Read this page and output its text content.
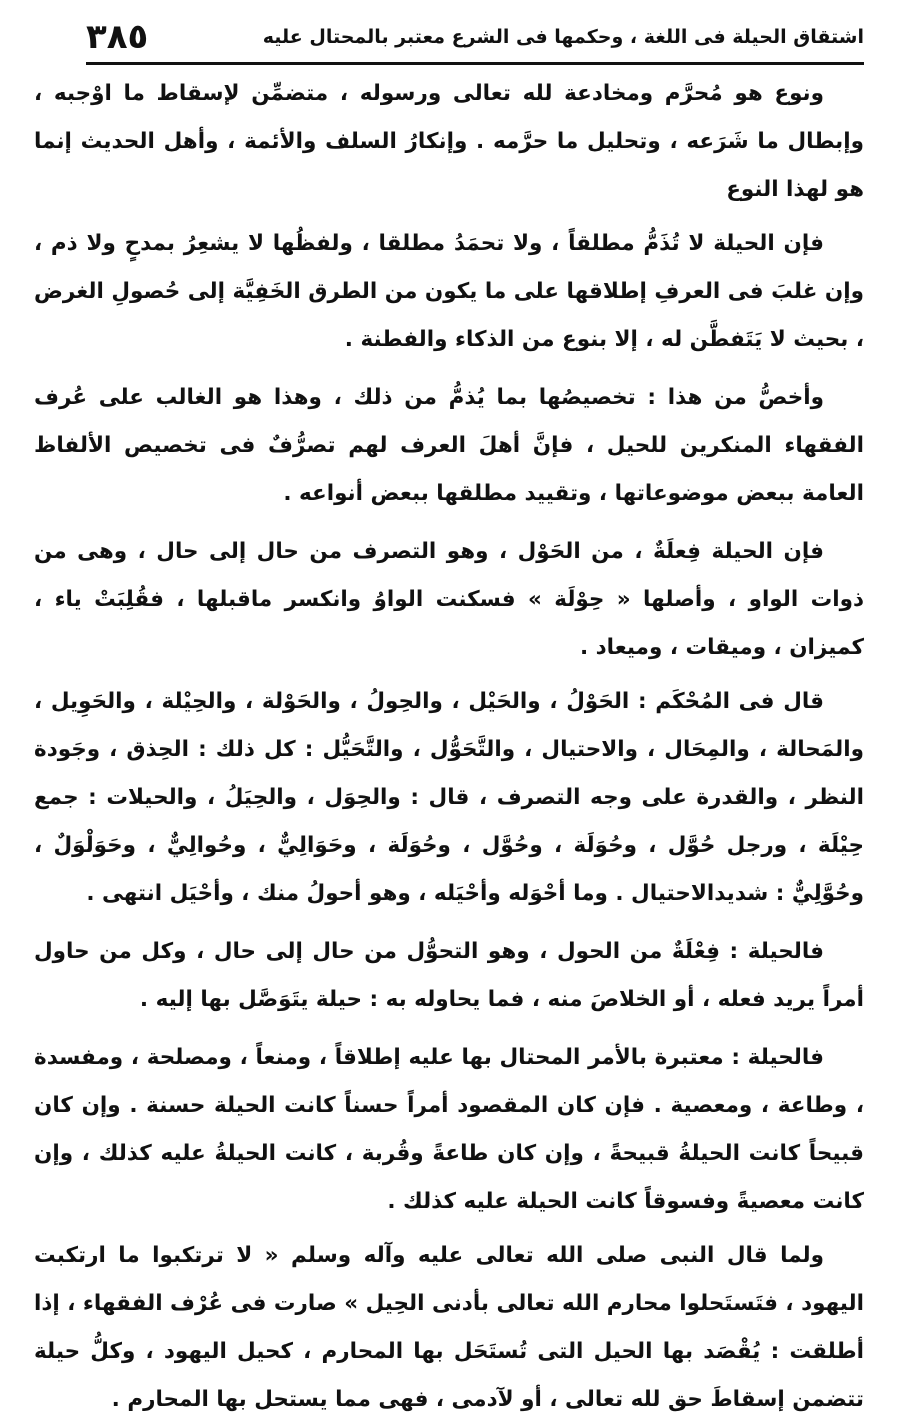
اشتقاق الحيلة فى اللغة ، وحكمها فى الشرع معتبر بالمحتال عليه
٣٨٥

ونوع هو مُحرَّم ومخادعة لله تعالى ورسوله ، متضمِّن لإسقاط ما اوْجبه ، وإبطال ما شَرَعه ، وتحليل ما حرَّمه . وإنكارُ السلف والأئمة ، وأهل الحديث إنما هو لهذا النوع

فإن الحيلة لا تُذَمُّ مطلقاً ، ولا تحمَدُ مطلقا ، ولفظُها لا يشعِرُ بمدحٍ ولا ذم ، وإن غلبَ فى العرفِ إطلاقها على ما يكون من الطرق الخَفِيَّة إلى حُصولِ الغرض ، بحيث لا يَتَفطَّن له ، إلا بنوع من الذكاء والفطنة .

وأخصُّ من هذا : تخصيصُها بما يُذمُّ من ذلك ، وهذا هو الغالب على عُرف الفقهاء المنكرين للحيل ، فإنَّ أهلَ العرف لهم تصرُّفٌ فى تخصيص الألفاظ العامة ببعض موضوعاتها ، وتقييد مطلقها ببعض أنواعه .

فإن الحيلة فِعلَةٌ ، من الحَوْل ، وهو التصرف من حال إلى حال ، وهى من ذوات الواو ، وأصلها « حِوْلَة » فسكنت الواوُ وانكسر ماقبلها ، فقُلِبَتْ ياء ، كميزان ، وميقات ، وميعاد .

قال فى المُحْكَم : الحَوْلُ ، والحَيْل ، والحِولُ ، والحَوْلة ، والحِيْلة ، والحَوِيل ، والمَحالة ، والمِحَال ، والاحتيال ، والتَّحَوُّل ، والتَّحَيُّل : كل ذلك : الحِذق ، وجَودة النظر ، والقدرة على وجه التصرف ، قال : والحِوَل ، والحِيَلُ ، والحيلات : جمع حِيْلَة ، ورجل حُوَّل ، وحُوَلَة ، وحُوَّل ، وحُوَلَة ، وحَوَالِيٌّ ، وحُوالِيٌّ ، وحَوَلْوَلٌ ، وحُوَّلِيٌّ : شديدالاحتيال . وما أحْوَله وأحْيَله ، وهو أحولُ منك ، وأحْيَل انتهى .

فالحيلة : فِعْلَةٌ من الحول ، وهو التحوُّل من حال إلى حال ، وكل من حاول أمراً يريد فعله ، أو الخلاصَ منه ، فما يحاوله به : حيلة يتَوَصَّل بها إليه .

فالحيلة : معتبرة بالأمر المحتال بها عليه إطلاقاً ، ومنعاً ، ومصلحة ، ومفسدة ، وطاعة ، ومعصية . فإن كان المقصود أمراً حسناً كانت الحيلة حسنة . وإن كان قبيحاً كانت الحيلةُ قبيحةً ، وإن كان طاعةً وقُربة ، كانت الحيلةُ عليه كذلك ، وإن كانت معصيةً وفسوقاً كانت الحيلة عليه كذلك .

ولما قال النبى صلى الله تعالى عليه وآله وسلم « لا ترتكبوا ما ارتكبت اليهود ، فتَستَحلوا محارم الله تعالى بأدنى الحِيل » صارت فى عُرْف الفقهاء ، إذا أطلقت : يُقْصَد بها الحيل التى تُستَحَل بها المحارم ، كحيل اليهود ، وكلُّ حيلة تتضمن إسقاطَ حق لله تعالى ، أو لآدمى ، فهى مما يستحل بها المحارم .
